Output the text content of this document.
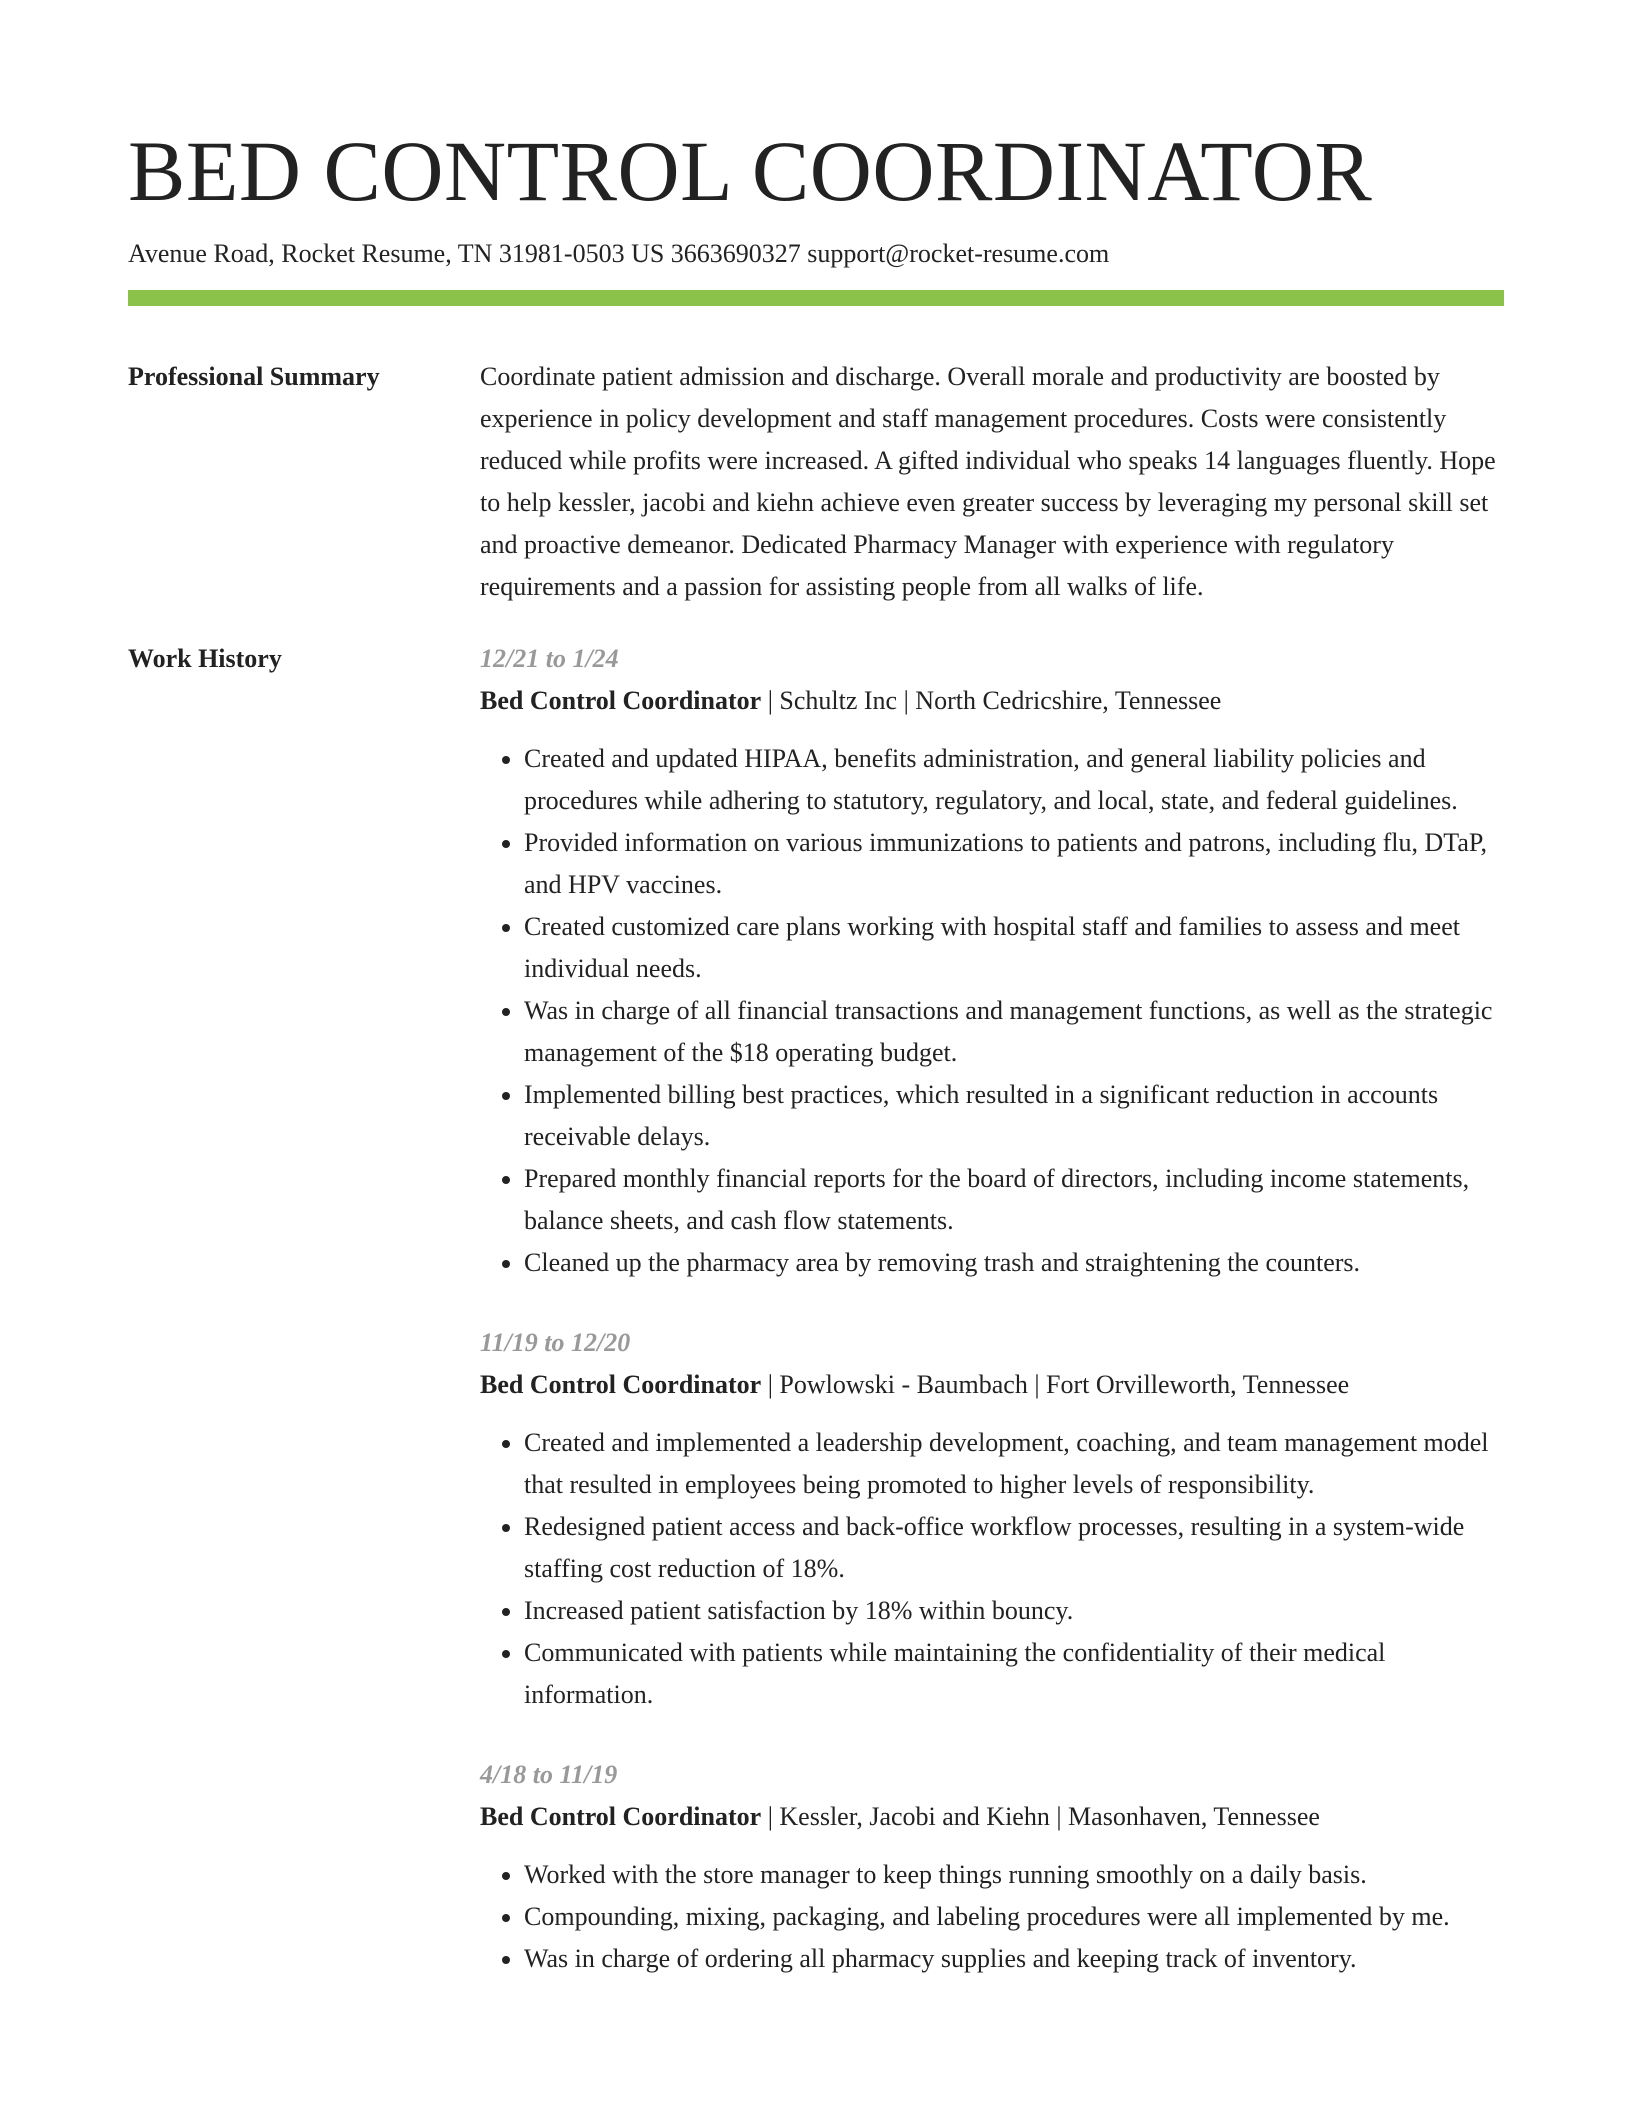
BED CONTROL COORDINATOR
Avenue Road, Rocket Resume, TN 31981-0503 US 3663690327 support@rocket-resume.com
Professional Summary	Coordinate patient admission and discharge. Overall morale and productivity are boosted by experience in policy development and staff management procedures. Costs were consistently reduced while profits were increased. A gifted individual who speaks 14 languages fluently. Hope to help kessler, jacobi and kiehn achieve even greater success by leveraging my personal skill set and proactive demeanor. Dedicated Pharmacy Manager with experience with regulatory requirements and a passion for assisting people from all walks of life.

Work History	12/21 to 1/24

Bed Control Coordinator | Schultz Inc | North Cedricshire, Tennessee

• Created and updated HIPAA, benefits administration, and general liability policies and procedures while adhering to statutory, regulatory, and local, state, and federal guidelines.
• Provided information on various immunizations to patients and patrons, including flu, DTaP, and HPV vaccines.
• Created customized care plans working with hospital staff and families to assess and meet individual needs.
• Was in charge of all financial transactions and management functions, as well as the strategic management of the $18 operating budget.
• Implemented billing best practices, which resulted in a significant reduction in accounts receivable delays.
• Prepared monthly financial reports for the board of directors, including income statements, balance sheets, and cash flow statements.
• Cleaned up the pharmacy area by removing trash and straightening the counters.
11/19 to 12/20

Bed Control Coordinator | Powlowski - Baumbach | Fort Orvilleworth, Tennessee

• Created and implemented a leadership development, coaching, and team management model that resulted in employees being promoted to higher levels of responsibility.
• Redesigned patient access and back-office workflow processes, resulting in a system-wide staffing cost reduction of 18%.
• Increased patient satisfaction by 18% within bouncy.
• Communicated with patients while maintaining the confidentiality of their medical information.
4/18 to 11/19

Bed Control Coordinator | Kessler, Jacobi and Kiehn | Masonhaven, Tennessee

• Worked with the store manager to keep things running smoothly on a daily basis.
• Compounding, mixing, packaging, and labeling procedures were all implemented by me.
• Was in charge of ordering all pharmacy supplies and keeping track of inventory.
